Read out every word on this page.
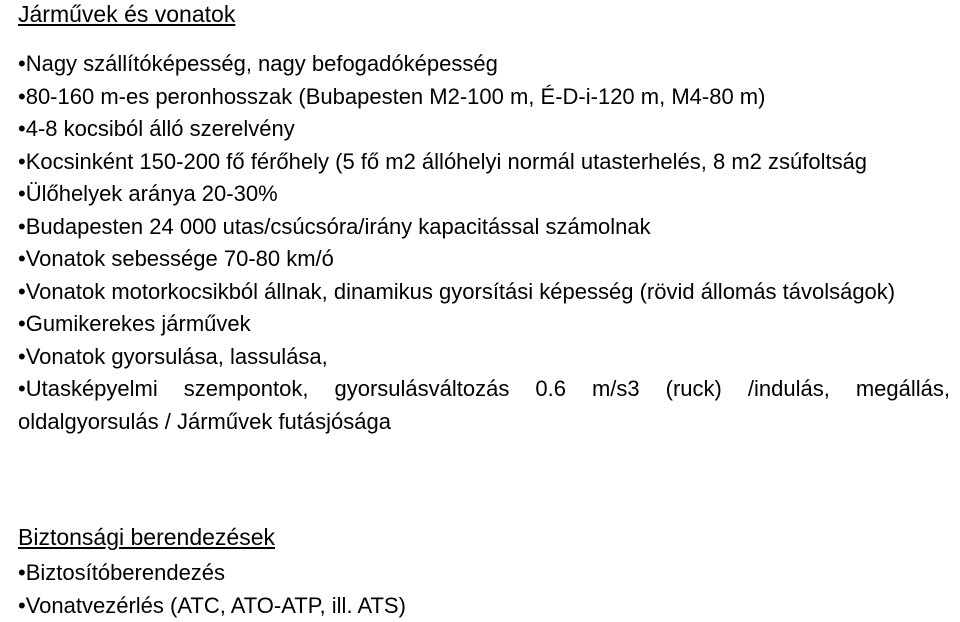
Járművek és vonatok
•Nagy szállítóképesség, nagy befogadóképesség
•80-160 m-es peronhosszak (Bubapesten M2-100 m, É-D-i-120 m, M4-80 m)
•4-8 kocsiból álló szerelvény
•Kocsinként 150-200 fő férőhely (5 fő m2 állóhelyi normál utasterhelés, 8 m2 zsúfoltság
•Ülőhelyek aránya 20-30%
•Budapesten 24 000 utas/csúcsóra/irány kapacitással számolnak
•Vonatok sebessége 70-80 km/ó
•Vonatok motorkocsikból állnak, dinamikus gyorsítási képesség (rövid állomás távolságok)
•Gumikerekes járművek
•Vonatok gyorsulása, lassulása,
•Utasképyelmi szempontok, gyorsulásváltozás 0.6 m/s3 (ruck) /indulás, megállás, oldalgyorsulás / Járművek futásjósága
Biztonsági berendezések
•Biztosítóberendezés
•Vonatvezérlés (ATC, ATO-ATP, ill. ATS)
